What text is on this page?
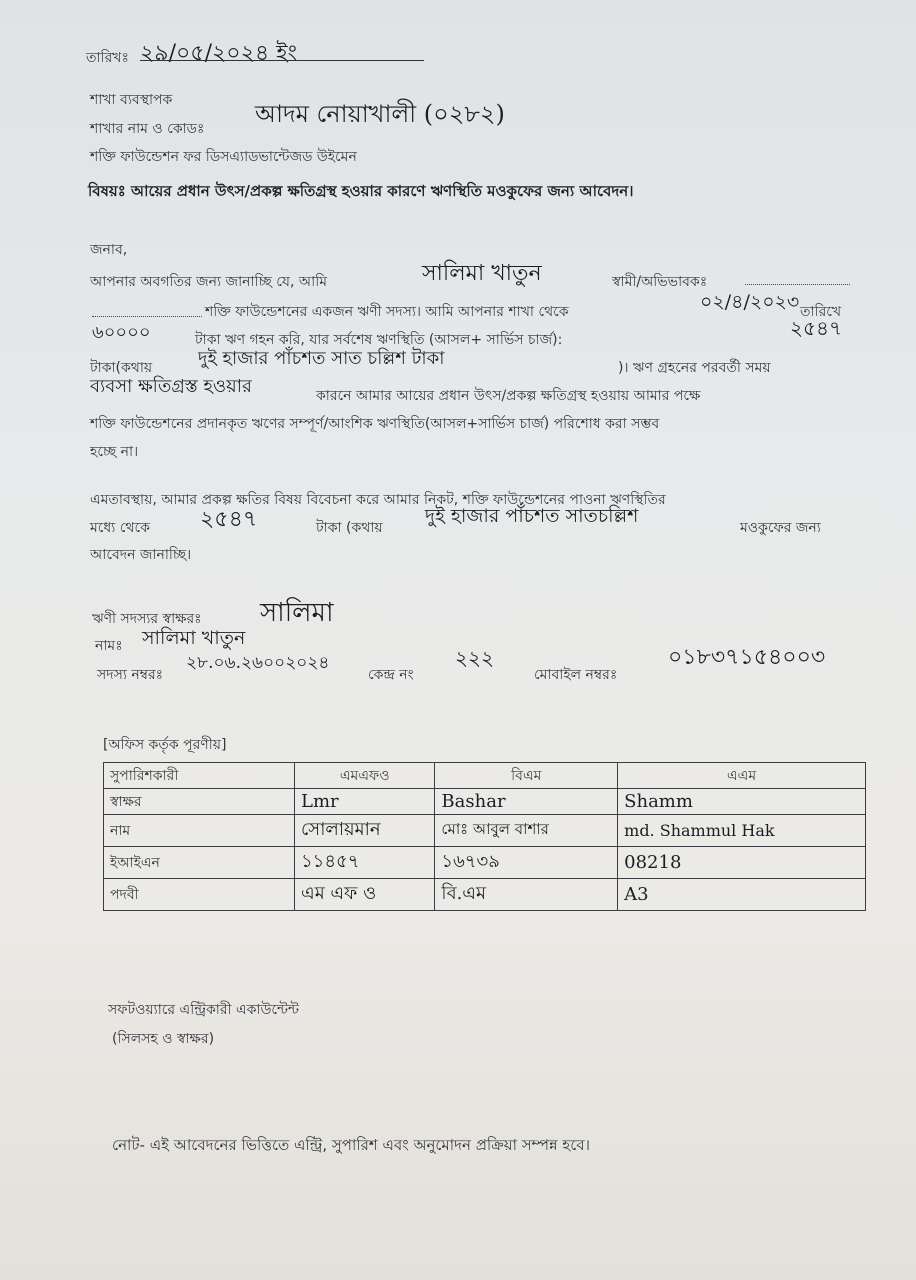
তারিখঃ ২৯/০৫/২০২৪ ইং
শাখা ব্যবস্থাপক
শাখার নাম ও কোডঃ
আদম নোয়াখালী (০২৮২)
শক্তি ফাউন্ডেশন ফর ডিসএ্যাডভান্টেজড উইমেন
বিষয়ঃ আয়ের প্রধান উৎস/প্রকল্প ক্ষতিগ্রস্থ হওয়ার কারণে ঋণস্থিতি মওকুফের জন্য আবেদন।
জনাব,
আপনার অবগতির জন্য জানাচ্ছি যে, আমি	সালিমা খাতুন	স্বামী/অভিভাবকঃ
শক্তি ফাউন্ডেশনের একজন ঋণী সদস্য। আমি আপনার শাখা থেকে	০২/৪/২০২৩ তারিখে
৬০০০০	টাকা ঋণ গহন করি, যার সর্বশেষ ঋণস্থিতি (আসল+ সার্ভিস চার্জ):	২৫৪৭
টাকা(কথায়	দুই হাজার পাঁচশত সাত চল্লিশ টাকা	)। ঋণ গ্রহনের পরবর্তী সময়
ব্যবসা ক্ষতিগ্রস্ত হওয়ার	কারনে আমার আয়ের প্রধান উৎস/প্রকল্প ক্ষতিগ্রস্থ হওয়ায় আমার পক্ষে
শক্তি ফাউন্ডেশনের প্রদানকৃত ঋণের সম্পূর্ণ/আংশিক ঋণস্থিতি(আসল+সার্ভিস চার্জ) পরিশোধ করা সম্ভব
হচ্ছে না।
এমতাবস্থায়, আমার প্রকল্প ক্ষতির বিষয় বিবেচনা করে আমার নিকট, শক্তি ফাউন্ডেশনের পাওনা ঋণস্থিতির
মধ্যে থেকে ২৫৪৭	টাকা (কথায়
দুই হাজার পাঁচশত সাতচল্লিশ
মওকুফের জন্য
আবেদন জানাচ্ছি।
ঋণী সদস্যর স্বাক্ষরঃ সালিমা
নামঃ সালিমা খাতুন
সদস্য নম্বরঃ
২৮.০৬.২৬০০২০২৪
কেন্দ্র নং
২২২
মোবাইল নম্বরঃ
০১৮৩৭১৫৪০০৩
[অফিস কর্তৃক পূরণীয়]
সুপারিশকারী	এমএফও	বিএম	এএম
স্বাক্ষর	Lmr	Bashar	Shamm
নাম	সোলায়মান	মোঃ আবুল বাশার	md. Shammul Hak
ইআইএন	১১৪৫৭	১৬৭৩৯	08218
পদবী	এম এফ ও	বি.এম	A3
সফটওয়্যারে এন্ট্রিকারী একাউন্টেন্ট
(সিলসহ ও স্বাক্ষর)
নোট- এই আবেদনের ভিত্তিতে এন্ট্রি, সুপারিশ এবং অনুমোদন প্রক্রিয়া সম্পন্ন হবে।
